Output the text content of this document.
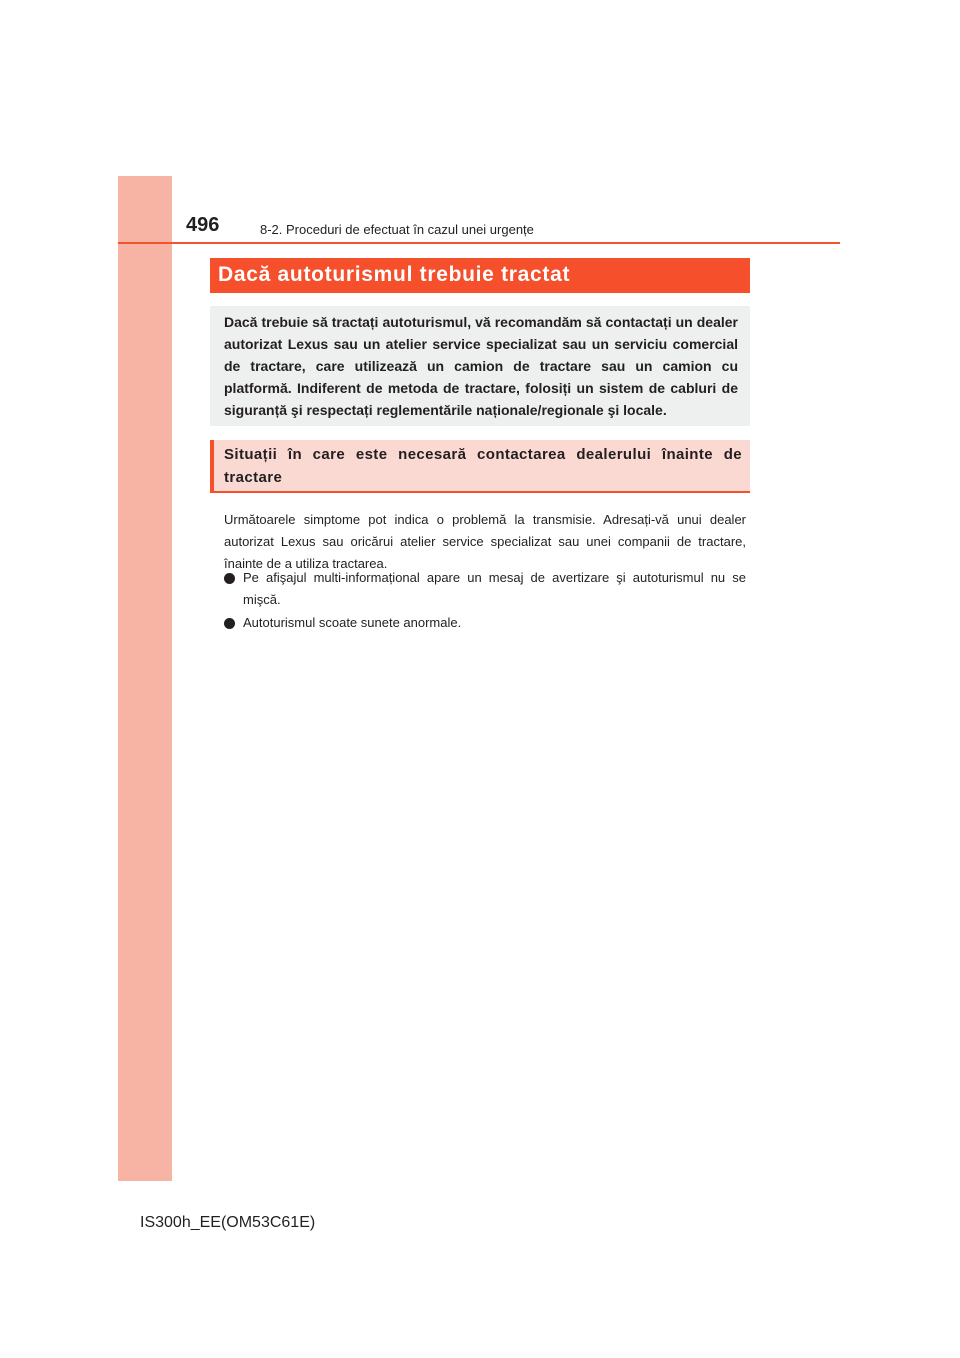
496	8-2. Proceduri de efectuat în cazul unei urgențe
Dacă autoturismul trebuie tractat
Dacă trebuie să tractați autoturismul, vă recomandăm să contactați un dealer autorizat Lexus sau un atelier service specializat sau un serviciu comercial de tractare, care utilizează un camion de tractare sau un camion cu platformă. Indiferent de metoda de tractare, folosiți un sistem de cabluri de siguranță şi respectați reglementările naționale/regionale şi locale.
Situații în care este necesară contactarea dealerului înainte de tractare
Următoarele simptome pot indica o problemă la transmisie. Adresați-vă unui dealer autorizat Lexus sau oricărui atelier service specializat sau unei companii de tractare, înainte de a utiliza tractarea.
Pe afişajul multi-informațional apare un mesaj de avertizare şi autoturismul nu se mişcă.
Autoturismul scoate sunete anormale.
IS300h_EE(OM53C61E)
